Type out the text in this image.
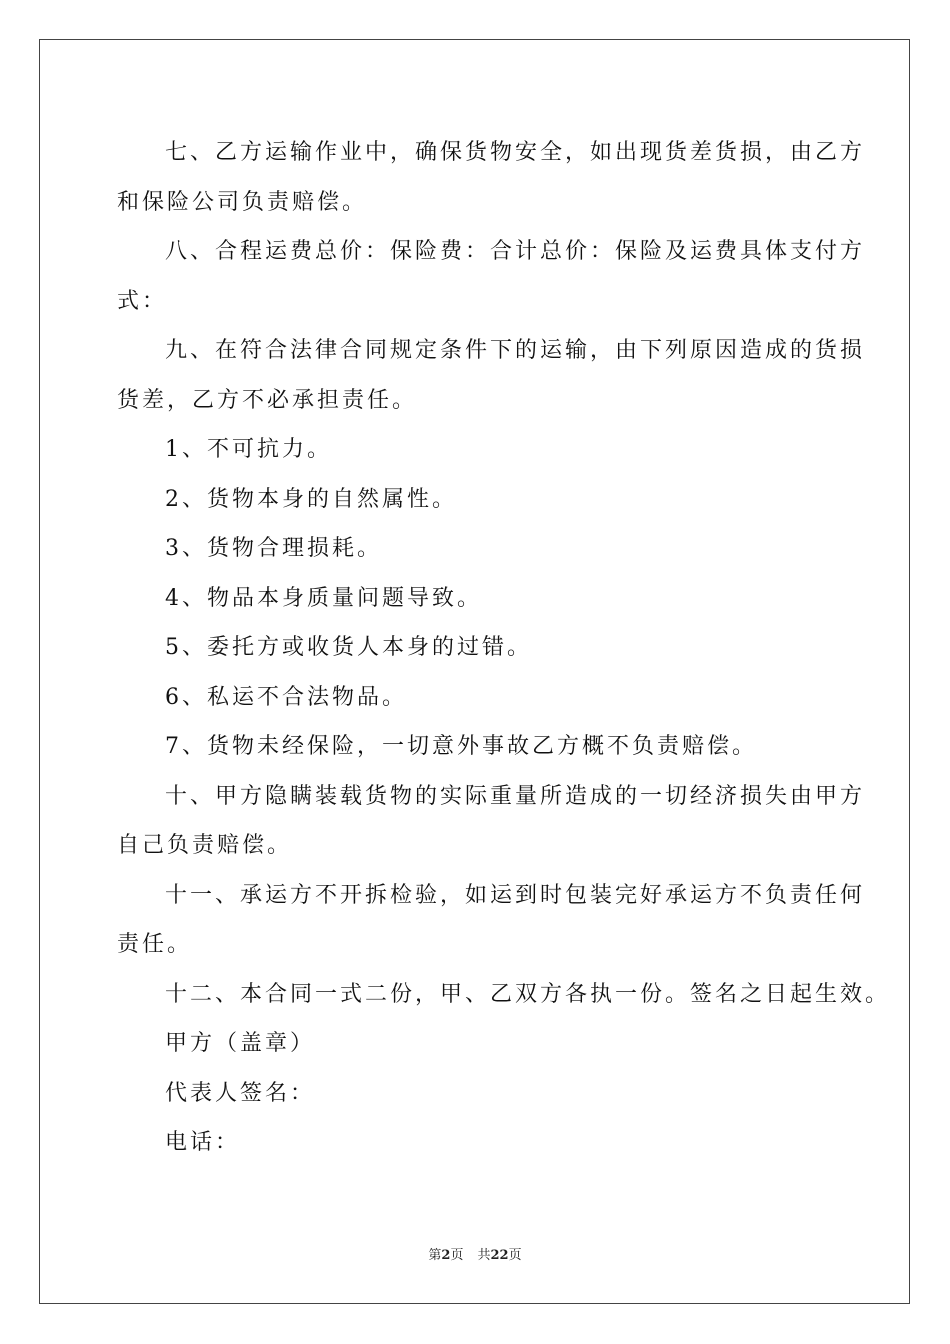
七、乙方运输作业中，确保货物安全，如出现货差货损，由乙方
和保险公司负责赔偿。
八、合程运费总价：保险费：合计总价：保险及运费具体支付方
式：
九、在符合法律合同规定条件下的运输，由下列原因造成的货损
货差，乙方不必承担责任。
1、不可抗力。
2、货物本身的自然属性。
3、货物合理损耗。
4、物品本身质量问题导致。
5、委托方或收货人本身的过错。
6、私运不合法物品。
7、货物未经保险，一切意外事故乙方概不负责赔偿。
十、甲方隐瞒装载货物的实际重量所造成的一切经济损失由甲方
自己负责赔偿。
十一、承运方不开拆检验，如运到时包装完好承运方不负责任何
责任。
十二、本合同一式二份，甲、乙双方各执一份。签名之日起生效。
甲方（盖章）
代表人签名：
电话：
第2页 共22页
